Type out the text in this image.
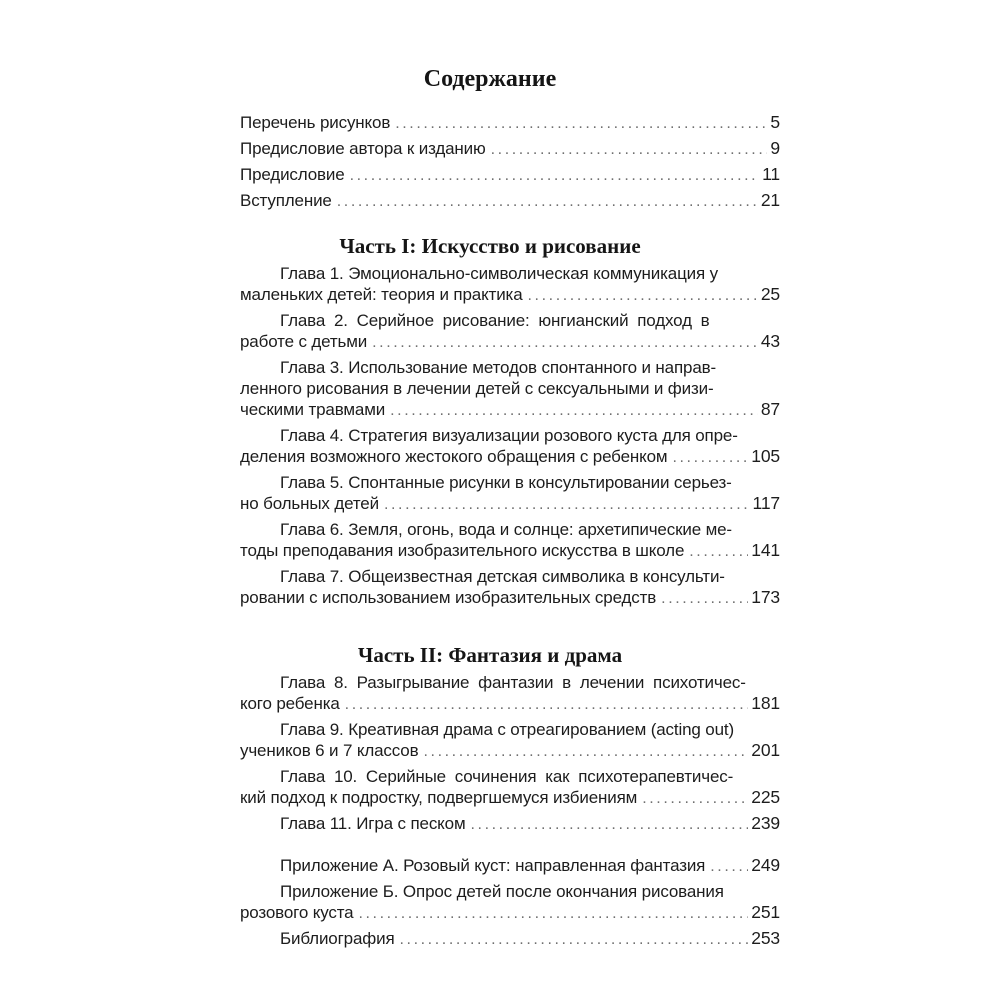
Содержание
Перечень рисунков .....	5
Предисловие автора к изданию .....	9
Предисловие .....	11
Вступление .....	21
Часть I: Искусство и рисование
Глава 1. Эмоционально-символическая коммуникация у
маленьких детей: теория и практика .....	25
Глава 2. Серийное рисование: юнгианский подход в
работе с детьми .....	43
Глава 3. Использование методов спонтанного и направ-
ленного рисования в лечении детей с сексуальными и физи-
ческими травмами .....	87
Глава 4. Стратегия визуализации розового куста для опре-
деления возможного жестокого обращения с ребенком .....	105
Глава 5. Спонтанные рисунки в консультировании серьез-
но больных детей .....	117
Глава 6. Земля, огонь, вода и солнце: архетипические ме-
тоды преподавания изобразительного искусства в школе .....	141
Глава 7. Общеизвестная детская символика в консульти-
ровании с использованием изобразительных средств .....	173
Часть II: Фантазия и драма
Глава 8. Разыгрывание фантазии в лечении психотичес-
кого ребенка .....	181
Глава 9. Креативная драма с отреагированием (acting out)
учеников 6 и 7 классов .....	201
Глава 10. Серийные сочинения как психотерапевтичес-
кий подход к подростку, подвергшемуся избиениям .....	225
Глава 11. Игра с песком .....	239
Приложение А. Розовый куст: направленная фантазия .....	249
Приложение Б. Опрос детей после окончания рисования
розового куста .....	251
Библиография .....	253
